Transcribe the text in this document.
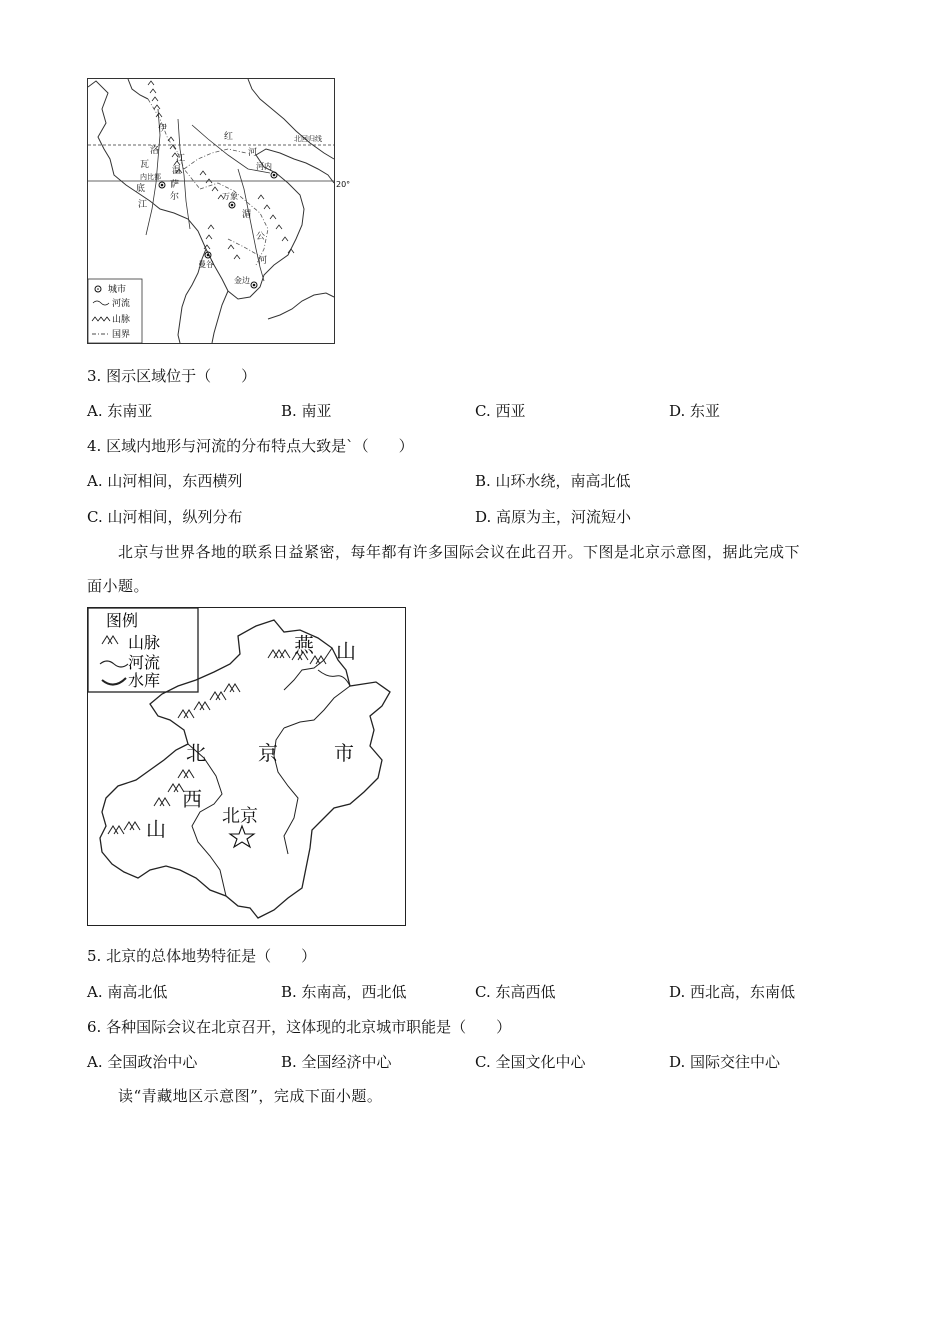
红
河
北回归线
河内
20°
伊
洛
瓦
底
江
内比都
萨
尔
温
江
万象
湄
公
河
曼谷
金边
城市
河流
山脉
国界
3. 图示区域位于（　　）
A. 东南亚	B. 南亚	C. 西亚	D. 东亚
4. 区域内地形与河流的分布特点大致是`（　　）
A. 山河相间，东西横列	B. 山环水绕，南高北低
C. 山河相间，纵列分布	D. 高原为主，河流短小
北京与世界各地的联系日益紧密，每年都有许多国际会议在此召开。下图是北京示意图，据此完成下
面小题。
图例
山脉
河流
水库
燕 山
北	京	市
西
山
北京
5. 北京的总体地势特征是（　　）
A. 南高北低	B. 东南高，西北低	C. 东高西低	D. 西北高，东南低
6. 各种国际会议在北京召开，这体现的北京城市职能是（　　）
A. 全国政治中心	B. 全国经济中心	C. 全国文化中心	D. 国际交往中心
读“青藏地区示意图”，完成下面小题。
